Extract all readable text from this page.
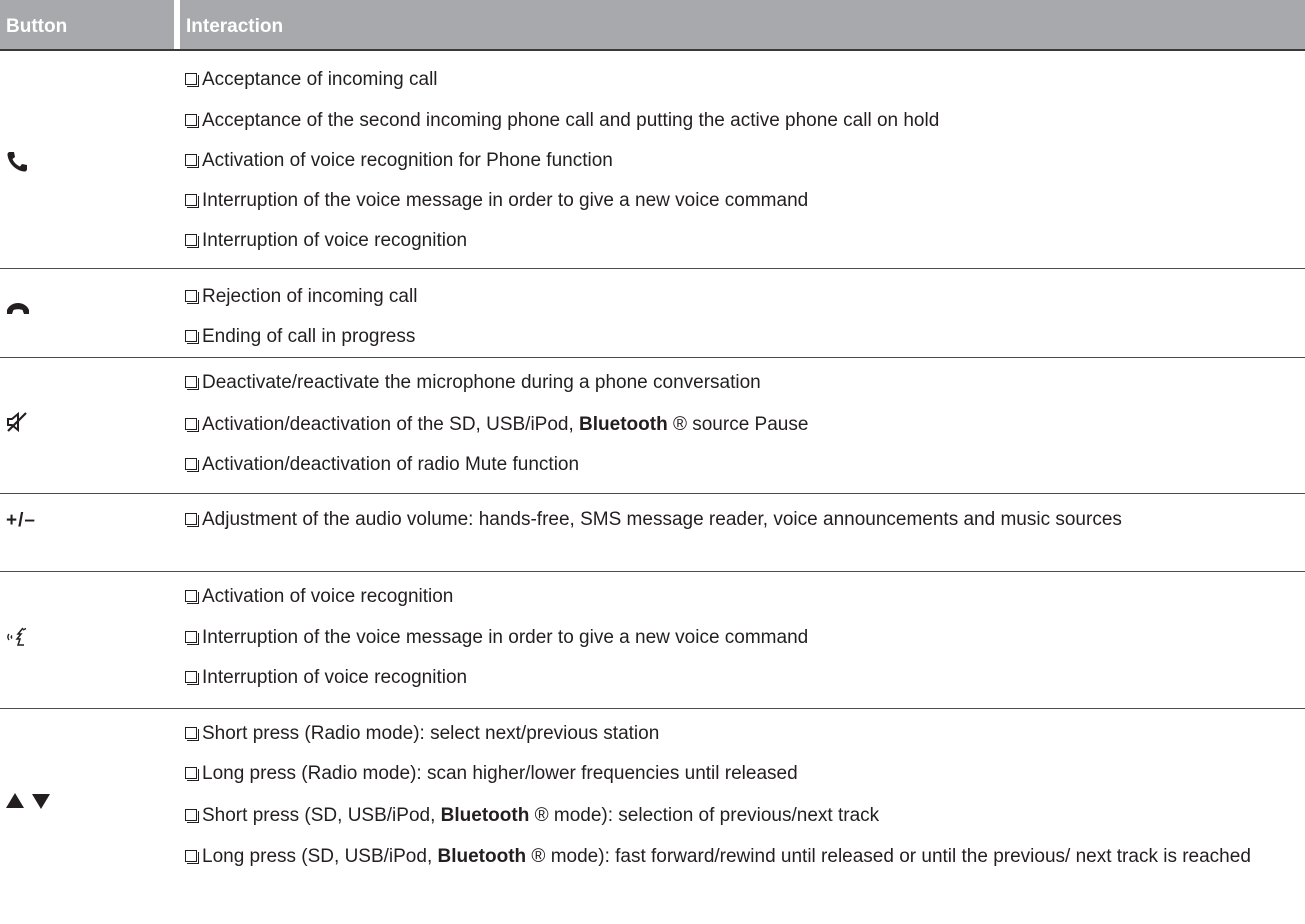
Button	Interaction
Acceptance of incoming call
Acceptance of the second incoming phone call and putting the active phone call on hold
Activation of voice recognition for Phone function
Interruption of the voice message in order to give a new voice command
Interruption of voice recognition
Rejection of incoming call
Ending of call in progress
Deactivate/reactivate the microphone during a phone conversation
Activation/deactivation of the SD, USB/iPod, Bluetooth ® source Pause
Activation/deactivation of radio Mute function
+/–	Adjustment of the audio volume: hands-free, SMS message reader, voice announcements and music sources
Activation of voice recognition
Interruption of the voice message in order to give a new voice command
Interruption of voice recognition
Short press (Radio mode): select next/previous station
Long press (Radio mode): scan higher/lower frequencies until released
Short press (SD, USB/iPod, Bluetooth ® mode): selection of previous/next track
Long press (SD, USB/iPod, Bluetooth ® mode): fast forward/rewind until released or until the previous/ next track is reached
